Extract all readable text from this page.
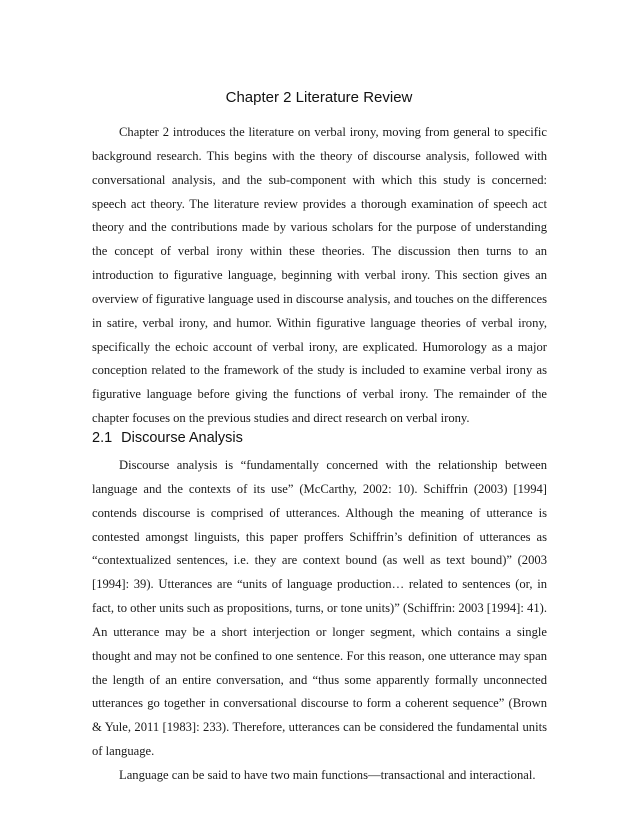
Chapter 2 Literature Review

Chapter 2 introduces the literature on verbal irony, moving from general to specific background research. This begins with the theory of discourse analysis, followed with conversational analysis, and the sub-component with which this study is concerned: speech act theory. The literature review provides a thorough examination of speech act theory and the contributions made by various scholars for the purpose of understanding the concept of verbal irony within these theories. The discussion then turns to an introduction to figurative language, beginning with verbal irony. This section gives an overview of figurative language used in discourse analysis, and touches on the differences in satire, verbal irony, and humor. Within figurative language theories of verbal irony, specifically the echoic account of verbal irony, are explicated. Humorology as a major conception related to the framework of the study is included to examine verbal irony as figurative language before giving the functions of verbal irony. The remainder of the chapter focuses on the previous studies and direct research on verbal irony.

2.1 Discourse Analysis

Discourse analysis is “fundamentally concerned with the relationship between language and the contexts of its use” (McCarthy, 2002: 10). Schiffrin (2003) [1994] contends discourse is comprised of utterances. Although the meaning of utterance is contested amongst linguists, this paper proffers Schiffrin’s definition of utterances as “contextualized sentences, i.e. they are context bound (as well as text bound)” (2003 [1994]: 39). Utterances are “units of language production… related to sentences (or, in fact, to other units such as propositions, turns, or tone units)” (Schiffrin: 2003 [1994]: 41). An utterance may be a short interjection or longer segment, which contains a single thought and may not be confined to one sentence. For this reason, one utterance may span the length of an entire conversation, and “thus some apparently formally unconnected utterances go together in conversational discourse to form a coherent sequence” (Brown & Yule, 2011 [1983]: 233). Therefore, utterances can be considered the fundamental units of language.

Language can be said to have two main functions—transactional and interactional.
